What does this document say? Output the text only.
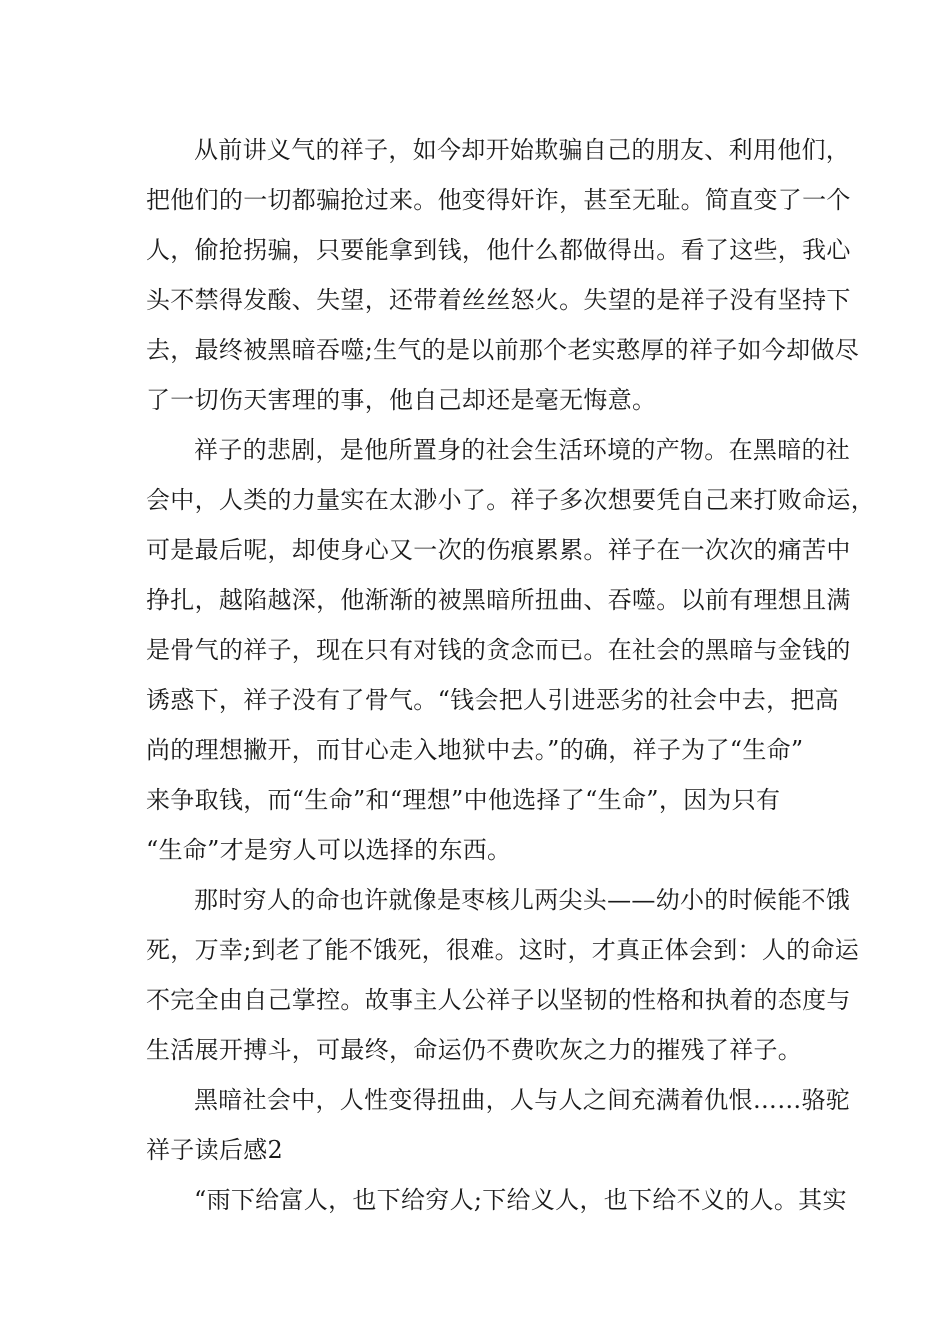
从前讲义气的祥子，如今却开始欺骗自己的朋友、利用他们，
把他们的一切都骗抢过来。他变得奸诈，甚至无耻。简直变了一个
人，偷抢拐骗，只要能拿到钱，他什么都做得出。看了这些，我心
头不禁得发酸、失望，还带着丝丝怒火。失望的是祥子没有坚持下
去，最终被黑暗吞噬;生气的是以前那个老实憨厚的祥子如今却做尽
了一切伤天害理的事，他自己却还是毫无悔意。
祥子的悲剧，是他所置身的社会生活环境的产物。在黑暗的社
会中，人类的力量实在太渺小了。祥子多次想要凭自己来打败命运，
可是最后呢，却使身心又一次的伤痕累累。祥子在一次次的痛苦中
挣扎，越陷越深，他渐渐的被黑暗所扭曲、吞噬。以前有理想且满
是骨气的祥子，现在只有对钱的贪念而已。在社会的黑暗与金钱的
诱惑下，祥子没有了骨气。“钱会把人引进恶劣的社会中去，把高
尚的理想撇开，而甘心走入地狱中去。”的确，祥子为了“生命”
来争取钱，而“生命”和“理想”中他选择了“生命”，因为只有
“生命”才是穷人可以选择的东西。
那时穷人的命也许就像是枣核儿两尖头——幼小的时候能不饿
死，万幸;到老了能不饿死，很难。这时，才真正体会到：人的命运
不完全由自己掌控。故事主人公祥子以坚韧的性格和执着的态度与
生活展开搏斗，可最终，命运仍不费吹灰之力的摧残了祥子。
黑暗社会中，人性变得扭曲，人与人之间充满着仇恨……骆驼
祥子读后感2
“雨下给富人，也下给穷人;下给义人，也下给不义的人。其实
